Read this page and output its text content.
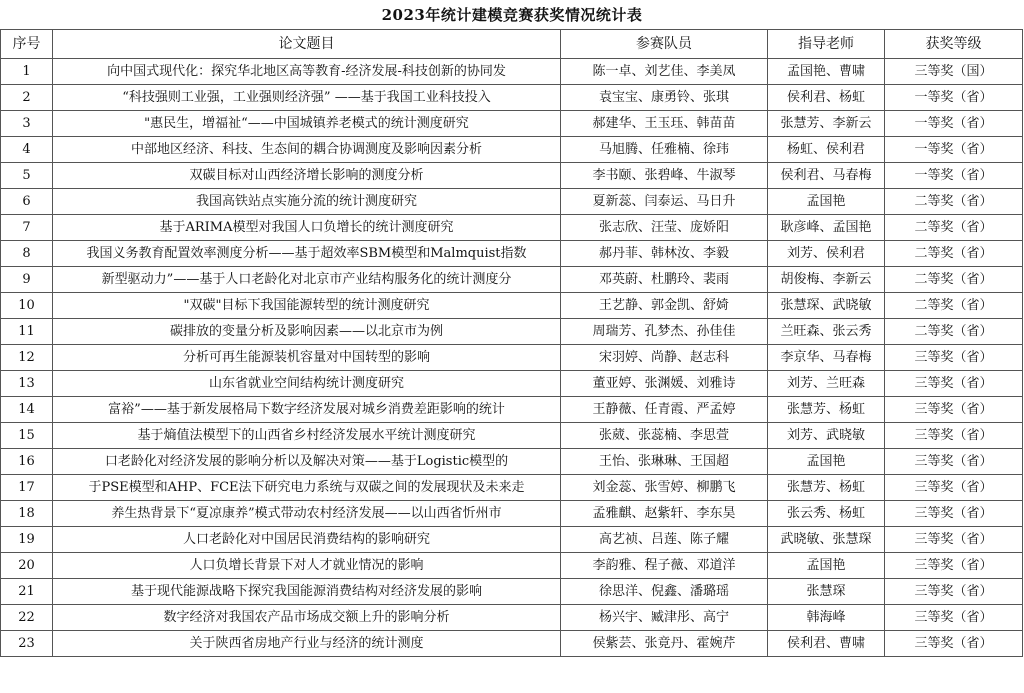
2023年统计建模竞赛获奖情况统计表
序号	论文题目	参赛队员	指导老师	获奖等级
1	向中国式现代化：探究华北地区高等教育-经济发展-科技创新的协同发	陈一卓、刘艺佳、李美凤	孟国艳、曹啸	三等奖（国）
2	“科技强则工业强，工业强则经济强” ——基于我国工业科技投入	袁宝宝、康勇铃、张琪	侯利君、杨虹	一等奖（省）
3	"惠民生，增福祉“——中国城镇养老模式的统计测度研究	郝建华、王玉珏、韩苗苗	张慧芳、李新云	一等奖（省）
4	中部地区经济、科技、生态间的耦合协调测度及影响因素分析	马旭腾、任雅楠、徐玮	杨虹、侯利君	一等奖（省）
5	双碳目标对山西经济增长影响的测度分析	李书颐、张碧峰、牛淑琴	侯利君、马春梅	一等奖（省）
6	我国高铁站点实施分流的统计测度研究	夏新蕊、闫泰运、马日升	孟国艳	二等奖（省）
7	基于ARIMA模型对我国人口负增长的统计测度研究	张志欣、汪莹、庞娇阳	耿彦峰、孟国艳	二等奖（省）
8	我国义务教育配置效率测度分析——基于超效率SBM模型和Malmquist指数	郝丹菲、韩林汝、李毅	刘芳、侯利君	二等奖（省）
9	新型驱动力”——基于人口老龄化对北京市产业结构服务化的统计测度分	邓英蔚、杜鹏玲、裴雨	胡俊梅、李新云	二等奖（省）
10	"双碳"目标下我国能源转型的统计测度研究	王艺静、郭金凯、舒婍	张慧琛、武晓敏	二等奖（省）
11	碳排放的变量分析及影响因素——以北京市为例	周瑞芳、孔梦杰、孙佳佳	兰旺森、张云秀	二等奖（省）
12	分析可再生能源装机容量对中国转型的影响	宋羽婷、尚静、赵志科	李京华、马春梅	三等奖（省）
13	山东省就业空间结构统计测度研究	董亚婷、张渊媛、刘雅诗	刘芳、兰旺森	三等奖（省）
14	富裕”——基于新发展格局下数字经济发展对城乡消费差距影响的统计	王静薇、任青霞、严孟婷	张慧芳、杨虹	三等奖（省）
15	基于熵值法模型下的山西省乡村经济发展水平统计测度研究	张葳、张蕊楠、李思萱	刘芳、武晓敏	三等奖（省）
16	口老龄化对经济发展的影响分析以及解决对策——基于Logistic模型的	王怡、张琳琳、王国超	孟国艳	三等奖（省）
17	于PSE模型和AHP、FCE法下研究电力系统与双碳之间的发展现状及未来走	刘金蕊、张雪婷、柳鹏飞	张慧芳、杨虹	三等奖（省）
18	养生热背景下“夏凉康养”模式带动农村经济发展——以山西省忻州市	孟雅麒、赵紫轩、李东昊	张云秀、杨虹	三等奖（省）
19	人口老龄化对中国居民消费结构的影响研究	高艺祯、吕莲、陈子耀	武晓敏、张慧琛	三等奖（省）
20	人口负增长背景下对人才就业情况的影响	李韵雅、程子薇、邓道洋	孟国艳	三等奖（省）
21	基于现代能源战略下探究我国能源消费结构对经济发展的影响	徐思洋、倪鑫、潘璐瑶	张慧琛	三等奖（省）
22	数字经济对我国农产品市场成交额上升的影响分析	杨兴宇、臧津彤、高宁	韩海峰	三等奖（省）
23	关于陕西省房地产行业与经济的统计测度	侯紫芸、张竟丹、霍婉芹	侯利君、曹啸	三等奖（省）
